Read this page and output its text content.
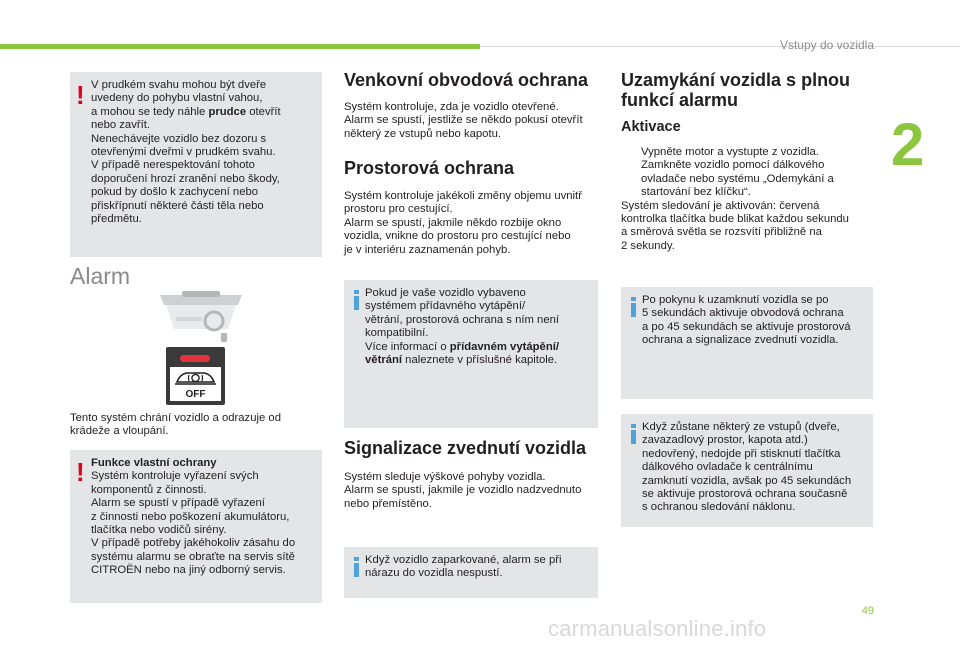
Vstupy do vozidla
2
49
carmanualsonline.info
! V prudkém svahu mohou být dveře
uvedeny do pohybu vlastní vahou,
a mohou se tedy náhle prudce otevřít
nebo zavřít.
Nenechávejte vozidlo bez dozoru s
otevřenými dveřmi v prudkém svahu.
V případě nerespektování tohoto
doporučení hrozí zranění nebo škody,
pokud by došlo k zachycení nebo
přiskřípnutí některé části těla nebo
předmětu.
Alarm
OFF
Tento systém chrání vozidlo a odrazuje od
krádeže a vloupání.
! Funkce vlastní ochrany
Systém kontroluje vyřazení svých
komponentů z činnosti.
Alarm se spustí v případě vyřazení
z činnosti nebo poškození akumulátoru,
tlačítka nebo vodičů sirény.
V případě potřeby jakéhokoliv zásahu do
systému alarmu se obraťte na servis sítě
CITROËN nebo na jiný odborný servis.
Venkovní obvodová ochrana
Systém kontroluje, zda je vozidlo otevřené.
Alarm se spustí, jestliže se někdo pokusí otevřít
některý ze vstupů nebo kapotu.
Prostorová ochrana
Systém kontroluje jakékoli změny objemu uvnitř
prostoru pro cestující.
Alarm se spustí, jakmile někdo rozbije okno
vozidla, vnikne do prostoru pro cestující nebo
je v interiéru zaznamenán pohyb.
Pokud je vaše vozidlo vybaveno
systémem přídavného vytápění/
větrání, prostorová ochrana s ním není
kompatibilní.
Více informací o přídavném vytápění/
větrání naleznete v příslušné kapitole.
Signalizace zvednutí vozidla
Systém sleduje výškové pohyby vozidla.
Alarm se spustí, jakmile je vozidlo nadzvednuto
nebo přemístěno.
Když vozidlo zaparkované, alarm se při
nárazu do vozidla nespustí.
Uzamykání vozidla s plnou
funkcí alarmu
Aktivace
Vypněte motor a vystupte z vozidla.
Zamkněte vozidlo pomocí dálkového
ovladače nebo systému „Odemykání a
startování bez klíčku“.
Systém sledování je aktivován: červená
kontrolka tlačítka bude blikat každou sekundu
a směrová světla se rozsvítí přibližně na
2 sekundy.
Po pokynu k uzamknutí vozidla se po
5 sekundách aktivuje obvodová ochrana
a po 45 sekundách se aktivuje prostorová
ochrana a signalizace zvednutí vozidla.
Když zůstane některý ze vstupů (dveře,
zavazadlový prostor, kapota atd.)
nedovřený, nedojde při stisknutí tlačítka
dálkového ovladače k centrálnímu
zamknutí vozidla, avšak po 45 sekundách
se aktivuje prostorová ochrana současně
s ochranou sledování náklonu.
